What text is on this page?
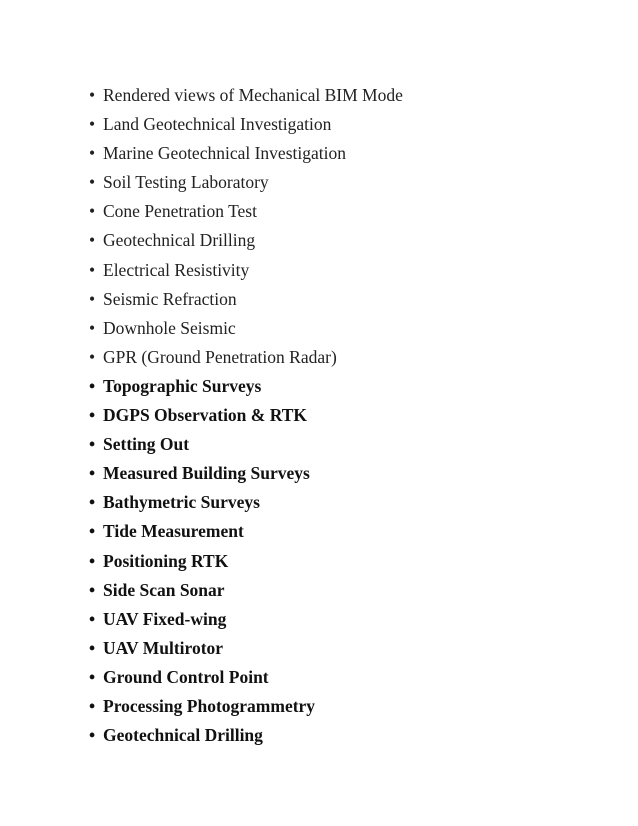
• Rendered views of Mechanical BIM Mode
• Land Geotechnical Investigation
• Marine Geotechnical Investigation
• Soil Testing Laboratory
• Cone Penetration Test
• Geotechnical Drilling
• Electrical Resistivity
• Seismic Refraction
• Downhole Seismic
• GPR (Ground Penetration Radar)
• Topographic Surveys
• DGPS Observation & RTK
• Setting Out
• Measured Building Surveys
• Bathymetric Surveys
• Tide Measurement
• Positioning RTK
• Side Scan Sonar
• UAV Fixed-wing
• UAV Multirotor
• Ground Control Point
• Processing Photogrammetry
• Geotechnical Drilling
